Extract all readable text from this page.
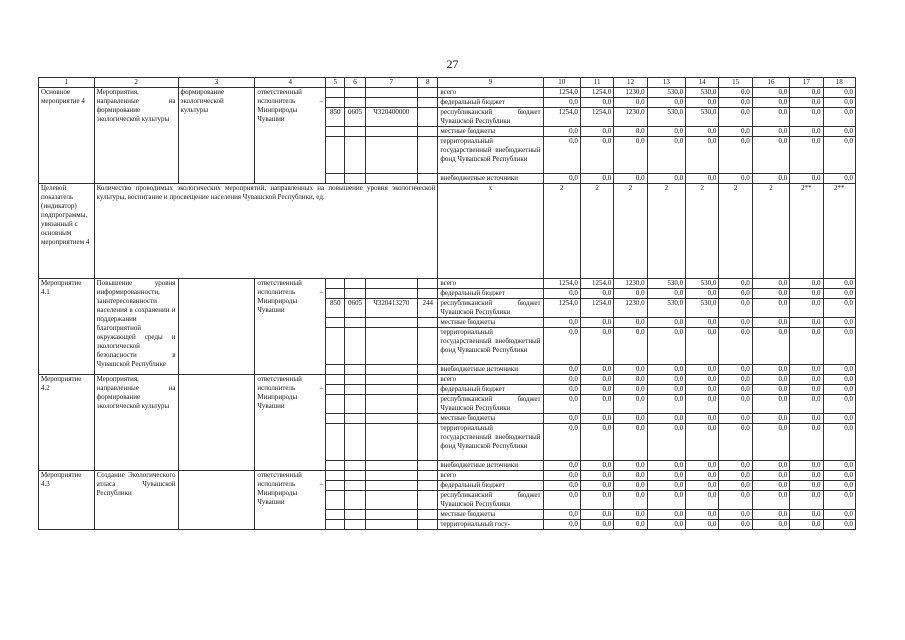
27
1	2	3	4	5	6	7	8	9	10	11	12	13	14	15	16	17	18
Основное мероприятие 4	Мероприятия, направленные на формирование экологической культуры	формирование экологической культуры	ответственный исполнитель – Минприроды Чувашии					всего	1254,0	1254,0	1230,0	530,0	530,0	0,0	0,0	0,0	0,0
								федеральный бюджет	0,0	0,0	0,0	0,0	0,0	0,0	0,0	0,0	0,0
				850	0605	Ч320400000		республиканский бюджет Чувашской Республики	1254,0	1254,0	1230,0	530,0	530,0	0,0	0,0	0,0	0,0
								местные бюджеты	0,0	0,0	0,0	0,0	0,0	0,0	0,0	0,0	0,0
								территориальный государственный внебюджетный фонд Чувашской Республики	0,0	0,0	0,0	0,0	0,0	0,0	0,0	0,0	0,0
								внебюджетные источники	0,0	0,0	0,0	0,0	0,0	0,0	0,0	0,0	0,0
Целевой показатель (индикатор) подпрограммы, увязанный с основным мероприятием 4	Количество проводимых экологических мероприятий, направленных на повышение уровня экологической культуры, воспитание и просвещение населения Чувашской Республики, ед.							x	2	2	2	2	2	2	2	2**	2**
Мероприятие 4.1	Повышение уровня информированности, заинтересованности населения в сохранении и поддержании благоприятной окружающей среды и экологической безопасности в Чувашской Республике		ответственный исполнитель – Минприроды Чувашии					всего	1254,0	1254,0	1230,0	530,0	530,0	0,0	0,0	0,0	0,0
								федеральный бюджет	0,0	0,0	0,0	0,0	0,0	0,0	0,0	0,0	0,0
				850	0605	Ч320413270	244	республиканский бюджет Чувашской Республики	1254,0	1254,0	1230,0	530,0	530,0	0,0	0,0	0,0	0,0
								местные бюджеты	0,0	0,0	0,0	0,0	0,0	0,0	0,0	0,0	0,0
								территориальный государственный внебюджетный фонд Чувашской Республики	0,0	0,0	0,0	0,0	0,0	0,0	0,0	0,0	0,0
								внебюджетные источники	0,0	0,0	0,0	0,0	0,0	0,0	0,0	0,0	0,0
Мероприятие 4.2	Мероприятия, направленные на формирование экологической культуры		ответственный исполнитель – Минприроды Чувашии					всего	0,0	0,0	0,0	0,0	0,0	0,0	0,0	0,0	0,0
								федеральный бюджет	0,0	0,0	0,0	0,0	0,0	0,0	0,0	0,0	0,0
								республиканский бюджет Чувашской Республики	0,0	0,0	0,0	0,0	0,0	0,0	0,0	0,0	0,0
								местные бюджеты	0,0	0,0	0,0	0,0	0,0	0,0	0,0	0,0	0,0
								территориальный государственный внебюджетный фонд Чувашской Республики	0,0	0,0	0,0	0,0	0,0	0,0	0,0	0,0	0,0
								внебюджетные источники	0,0	0,0	0,0	0,0	0,0	0,0	0,0	0,0	0,0
Мероприятие 4.3	Создание Экологического атласа Чувашской Республики		ответственный исполнитель – Минприроды Чувашии					всего	0,0	0,0	0,0	0,0	0,0	0,0	0,0	0,0	0,0
								федеральный бюджет	0,0	0,0	0,0	0,0	0,0	0,0	0,0	0,0	0,0
								республиканский бюджет Чувашской Республики	0,0	0,0	0,0	0,0	0,0	0,0	0,0	0,0	0,0
								местные бюджеты	0,0	0,0	0,0	0,0	0,0	0,0	0,0	0,0	0,0
								территориальный госу-	0,0	0,0	0,0	0,0	0,0	0,0	0,0	0,0	0,0
